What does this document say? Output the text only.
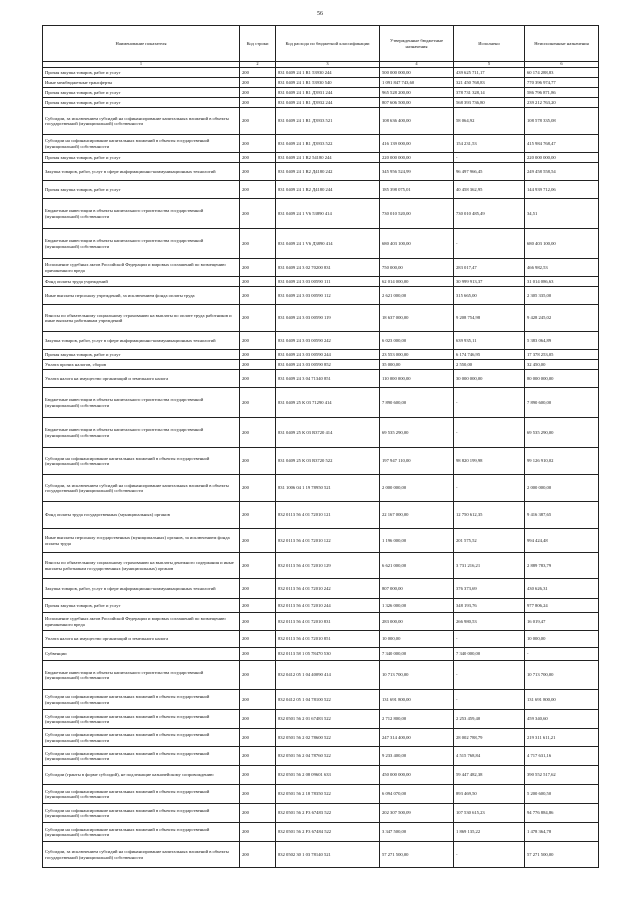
56
Наименование показателя	Код строки	Код расхода по бюджетной классификации	Утвержденные бюджетные назначения	Исполнено	Неисполненные назначения
1	2	3	4	5	6
Прочая закупка товаров, работ и услуг	200	831 0409 24 1 R1 53930 244	500 000 000,00	439 625 711,17	60 174 288,83
Иные межбюджетные трансферты	200	831 0409 24 1 R1 53930 540	1 091 847 743,60	321 450 768,83	770 396 974,77
Прочая закупка товаров, работ и услуг	200	831 0409 24 1 R1 Д3931 244	965 528 200,00	378 731 328,14	586 796 871,86
Прочая закупка товаров, работ и услуг	200	831 0409 24 1 R1 Д3932 244	807 606 500,00	568 393 736,80	239 212 763,20
Субсидии, за исключением субсидий на софинансирование капитальных вложений в объекты государственной (муниципальной) собственности	200	831 0409 24 1 R1 Д3933 521	108 636 400,00	58 064,92	108 578 335,08
Субсидии на софинансирование капитальных вложений в объекты государственной (муниципальной) собственности	200	831 0409 24 1 R1 Д3933 522	416 139 000,00	154 231,53	415 984 768,47
Прочая закупка товаров, работ и услуг	200	831 0409 24 1 R2 54180 244	220 000 000,00	-	220 000 000,00
Закупка товаров, работ, услуг в сфере информационно-коммуникационных технологий	200	831 0409 24 1 R2 Д4180 242	345 956 524,99	96 497 966,45	249 458 558,54
Прочая закупка товаров, работ и услуг	200	831 0409 24 1 R2 Д4180 244	185 398 075,01	40 458 362,95	144 939 712,06
Бюджетные инвестиции в объекты капитального строительства государственной (муниципальной) собственности	200	831 0409 24 1 V6 53890 414	730 010 520,00	730 010 485,49	34,51
Бюджетные инвестиции в объекты капитального строительства государственной (муниципальной) собственности	200	831 0409 24 1 V6 Д3890 414	680 403 100,00	-	680 403 100,00
Исполнение судебных актов Российской Федерации и мировых соглашений по возмещению причиненного вреда	200	831 0409 24 3 02 70200 831	750 000,00	283 017,47	466 982,53
Фонд оплаты труда учреждений	200	831 0409 24 3 03 00590 111	62 014 000,00	30 999 913,37	31 014 086,63
Иные выплаты персоналу учреждений, за исключением фонда оплаты труда	200	831 0409 24 3 03 00590 112	2 621 000,00	315 665,00	2 305 335,00
Взносы по обязательному социальному страхованию на выплаты по оплате труда работников и иные выплаты работникам учреждений	200	831 0409 24 3 03 00590 119	18 637 000,00	9 208 754,98	9 428 245,02
Закупка товаров, работ, услуг в сфере информационно-коммуникационных технологий	200	831 0409 24 3 03 00590 242	6 023 000,00	639 935,11	5 383 064,89
Прочая закупка товаров, работ и услуг	200	831 0409 24 3 03 00590 244	23 553 000,00	6 174 746,95	17 378 253,05
Уплата прочих налогов, сборов	200	831 0409 24 3 03 00590 852	35 000,00	2 550,00	32 450,00
Уплата налога на имущество организаций и земельного налога	200	831 0409 24 3 04 71340 851	110 000 000,00	30 000 000,00	80 000 000,00
Бюджетные инвестиции в объекты капитального строительства государственной (муниципальной) собственности	200	831 0409 25 К 03 71290 414	7 890 600,00	-	7 890 600,00
Бюджетные инвестиции в объекты капитального строительства государственной (муниципальной) собственности	200	831 0409 25 К 03 R3720 414	69 535 290,00	-	69 535 290,00
Субсидии на софинансирование капитальных вложений в объекты государственной (муниципальной) собственности	200	831 0409 25 К 03 R3720 522	197 947 110,00	98 820 199,98	99 126 910,02
Субсидии, за исключением субсидий на софинансирование капитальных вложений в объекты государственной (муниципальной) собственности	200	831 1006 04 1 19 78950 521	2 000 000,00	-	2 000 000,00
Фонд оплаты труда государственных (муниципальных) органов	200	832 0113 56 4 01 72010 121	22 167 000,00	12 750 612,35	9 416 387,65
Иные выплаты персоналу государственных (муниципальных) органов, за исключением фонда оплаты труда	200	832 0113 56 4 01 72010 122	1 196 000,00	201 575,52	994 424,48
Взносы по обязательному социальному страхованию на выплаты денежного содержания и иные выплаты работникам государственных (муниципальных) органов	200	832 0113 56 4 01 72010 129	6 621 000,00	3 731 216,21	2 889 783,79
Закупка товаров, работ, услуг в сфере информационно-коммуникационных технологий	200	832 0113 56 4 01 72010 242	807 000,00	376 373,69	430 626,31
Прочая закупка товаров, работ и услуг	200	832 0113 56 4 01 72010 244	1 326 000,00	348 193,76	977 806,24
Исполнение судебных актов Российской Федерации и мировых соглашений по возмещению причиненного вреда	200	832 0113 56 4 01 72010 831	283 000,00	266 980,53	16 019,47
Уплата налога на имущество организаций и земельного налога	200	832 0113 56 4 01 72010 851	10 000,00	-	10 000,00
Субвенции	200	832 0113 58 1 05 78470 530	7 340 000,00	7 340 000,00	-
Бюджетные инвестиции в объекты капитального строительства государственной (муниципальной) собственности	200	832 0412 05 1 04 40090 414	10 713 700,00	-	10 713 700,00
Субсидии на софинансирование капитальных вложений в объекты государственной (муниципальной) собственности	200	832 0412 05 1 04 78100 522	131 691 800,00	-	131 691 800,00
Субсидии на софинансирование капитальных вложений в объекты государственной (муниципальной) собственности	200	832 0501 56 2 01 67483 522	2 712 800,00	2 253 459,40	459 340,60
Субсидии на софинансирование капитальных вложений в объекты государственной (муниципальной) собственности	200	832 0501 56 2 02 78600 522	247 314 400,00	28 002 788,79	219 311 611,21
Субсидии на софинансирование капитальных вложений в объекты государственной (муниципальной) собственности	200	832 0501 56 2 04 78760 522	9 233 400,00	4 515 768,84	4 717 631,16
Субсидии (гранты в форме субсидий), не подлежащие казначейскому сопровождению	200	832 0501 56 2 08 09601 633	450 000 000,00	59 447 482,38	390 552 517,62
Субсидии на софинансирование капитальных вложений в объекты государственной (муниципальной) собственности	200	832 0501 56 2 18 78350 522	6 094 070,00	893 469,50	5 200 600,50
Субсидии на софинансирование капитальных вложений в объекты государственной (муниципальной) собственности	200	832 0501 56 2 F3 67483 522	202 307 500,09	107 530 615,23	94 776 884,86
Субсидии на софинансирование капитальных вложений в объекты государственной (муниципальной) собственности	200	832 0501 56 2 F3 67484 522	3 347 500,00	1 869 135,22	1 478 364,78
Субсидии, за исключением субсидий на софинансирование капитальных вложений в объекты государственной (муниципальной) собственности	200	832 0502 30 1 03 78140 521	57 271 500,00	-	57 271 500,00
